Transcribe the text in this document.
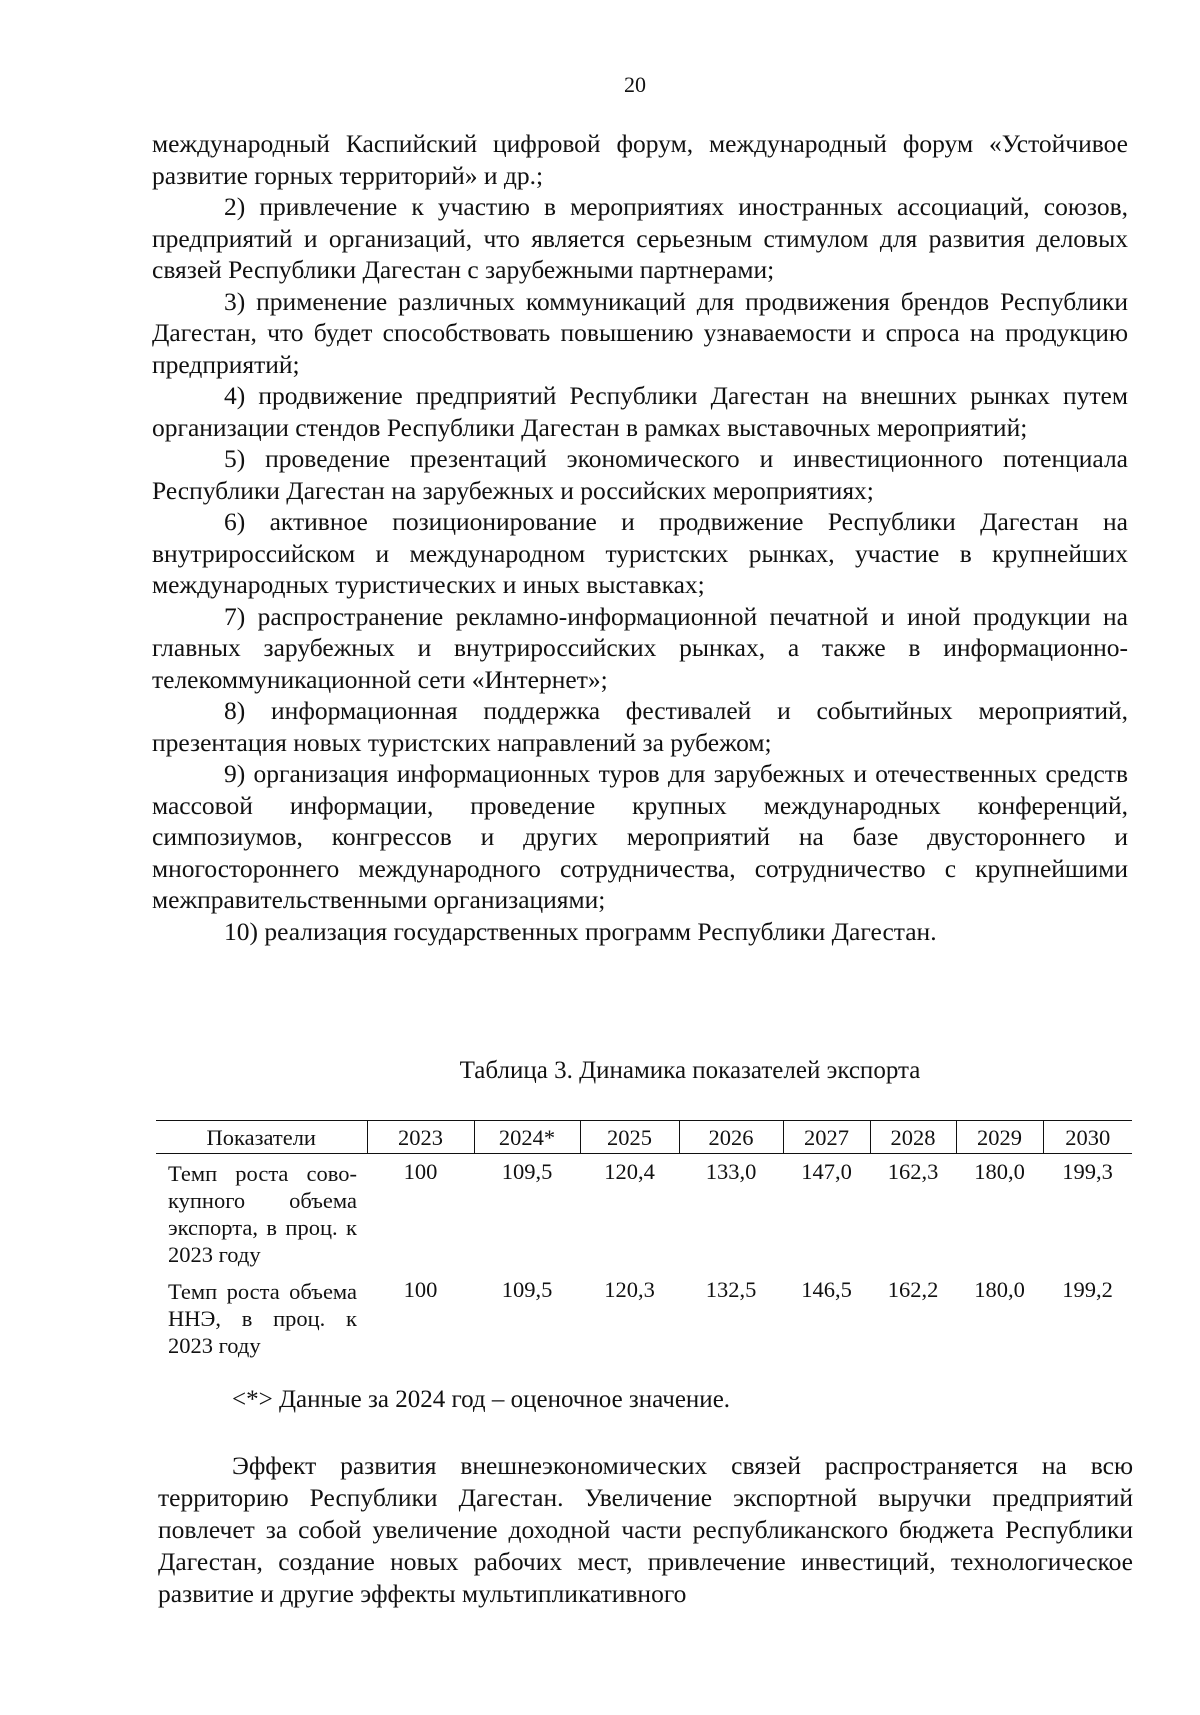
20

международный Каспийский цифровой форум, международный форум «Устойчивое развитие горных территорий» и др.;

2) привлечение к участию в мероприятиях иностранных ассоциаций, союзов, предприятий и организаций, что является серьезным стимулом для развития деловых связей Республики Дагестан с зарубежными партнерами;

3) применение различных коммуникаций для продвижения брендов Республики Дагестан, что будет способствовать повышению узнаваемости и спроса на продукцию предприятий;

4) продвижение предприятий Республики Дагестан на внешних рынках путем организации стендов Республики Дагестан в рамках выставочных мероприятий;

5) проведение презентаций экономического и инвестиционного потенциала Республики Дагестан на зарубежных и российских мероприятиях;

6) активное позиционирование и продвижение Республики Дагестан на внутрироссийском и международном туристских рынках, участие в крупнейших международных туристических и иных выставках;

7) распространение рекламно-информационной печатной и иной продукции на главных зарубежных и внутрироссийских рынках, а также в информационно-телекоммуникационной сети «Интернет»;

8) информационная поддержка фестивалей и событийных мероприятий, презентация новых туристских направлений за рубежом;

9) организация информационных туров для зарубежных и отечественных средств массовой информации, проведение крупных международных конференций, симпозиумов, конгрессов и других мероприятий на базе двустороннего и многостороннего международного сотрудничества, сотрудничество с крупнейшими межправительственными организациями;

10) реализация государственных программ Республики Дагестан.

Таблица 3. Динамика показателей экспорта
Показатели	2023	2024*	2025	2026	2027	2028	2029	2030
Темп роста сово-купного объема экспорта, в проц. к 2023 году	100	109,5	120,4	133,0	147,0	162,3	180,0	199,3
Темп роста объема ННЭ, в проц. к 2023 году	100	109,5	120,3	132,5	146,5	162,2	180,0	199,2
<*> Данные за 2024 год – оценочное значение.

Эффект развития внешнеэкономических связей распространяется на всю территорию Республики Дагестан. Увеличение экспортной выручки предприятий повлечет за собой увеличение доходной части республиканского бюджета Республики Дагестан, создание новых рабочих мест, привлечение инвестиций, технологическое развитие и другие эффекты мультипликативного
